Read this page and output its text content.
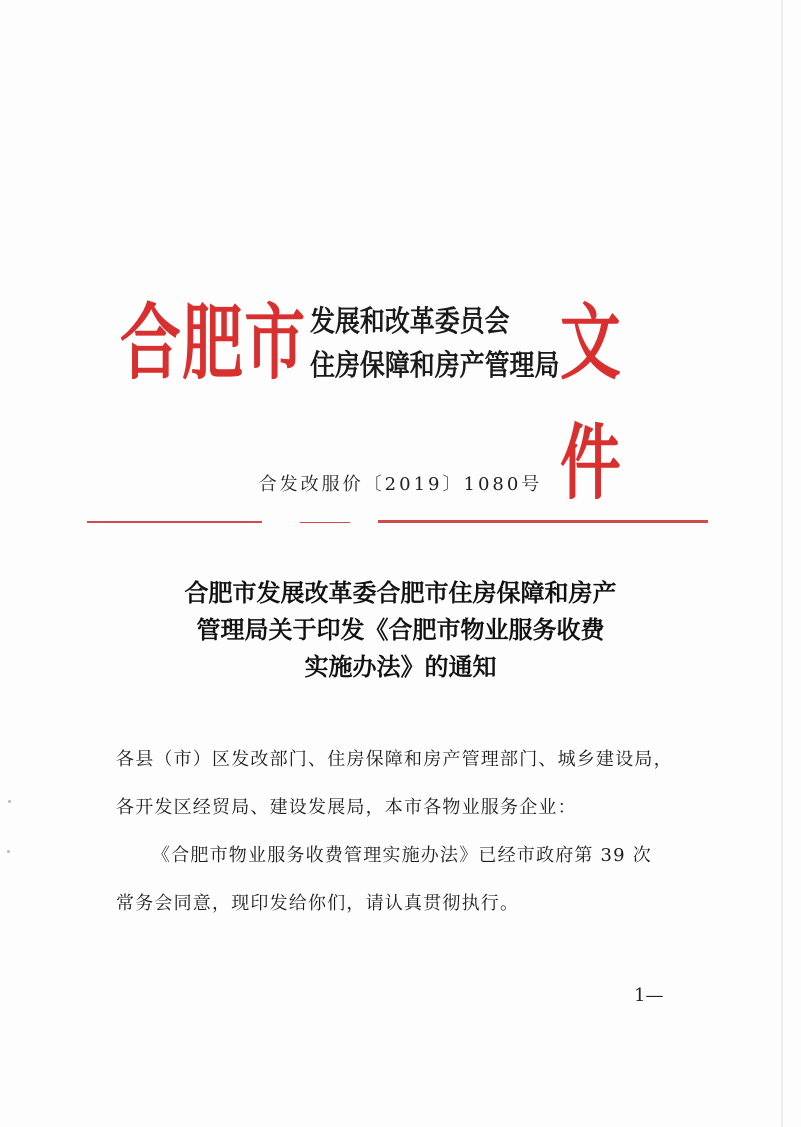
合肥市 发展和改革委员会
住房保障和房产管理局 文件
合发改服价〔2019〕1080号
合肥市发展改革委合肥市住房保障和房产
管理局关于印发《合肥市物业服务收费
实施办法》的通知

各县（市）区发改部门、住房保障和房产管理部门、城乡建设局，

各开发区经贸局、建设发展局，本市各物业服务企业：

《合肥市物业服务收费管理实施办法》已经市政府第 39 次

常务会同意，现印发给你们，请认真贯彻执行。

1—
